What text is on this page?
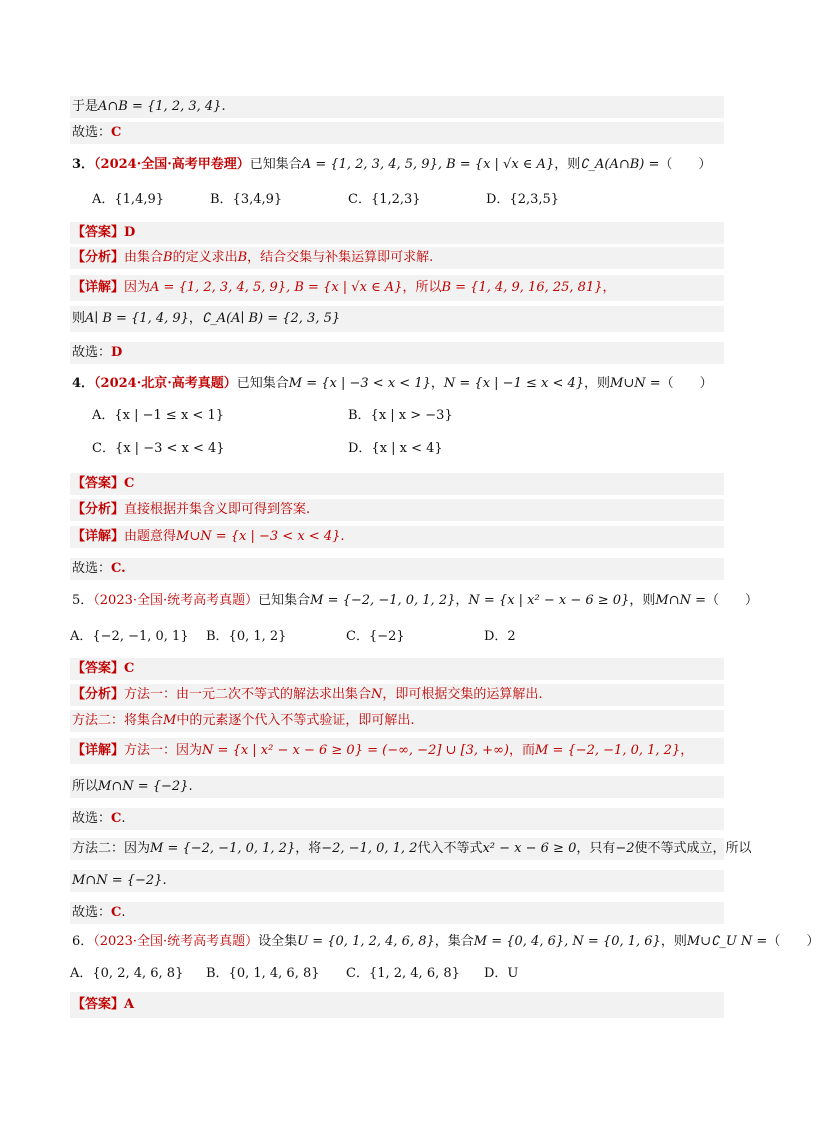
于是A∩B = {1, 2, 3, 4}.
故选：C
3．（2024·全国·高考甲卷理）已知集合A = {1, 2, 3, 4, 5, 9}, B = {x | √x ∈ A}，则∁_A(A∩B) =（　　）
A．{1,4,9}	B．{3,4,9}	C．{1,2,3}	D．{2,3,5}
【答案】D
【分析】由集合B的定义求出B，结合交集与补集运算即可求解.
【详解】因为A = {1, 2, 3, 4, 5, 9}, B = {x | √x ∈ A}，所以B = {1, 4, 9, 16, 25, 81}，
则A∣ B = {1, 4, 9}，∁_A(A∣ B) = {2, 3, 5}
故选：D
4．（2024·北京·高考真题）已知集合M = {x | −3 < x < 1}，N = {x | −1 ≤ x < 4}，则M∪N =（　　）
A．{x | −1 ≤ x < 1}	B．{x | x > −3}
C．{x | −3 < x < 4}	D．{x | x < 4}
【答案】C
【分析】直接根据并集含义即可得到答案.
【详解】由题意得M∪N = {x | −3 < x < 4}.
故选：C.
5．（2023·全国·统考高考真题）已知集合M = {−2, −1, 0, 1, 2}，N = {x | x² − x − 6 ≥ 0}，则M∩N =（　　）
A．{−2, −1, 0, 1} B．{0, 1, 2}	C．{−2}	D．2
【答案】C
【分析】方法一：由一元二次不等式的解法求出集合N，即可根据交集的运算解出.
方法二：将集合M中的元素逐个代入不等式验证，即可解出.
【详解】方法一：因为N = {x | x² − x − 6 ≥ 0} = (−∞, −2] ∪ [3, +∞)，而M = {−2, −1, 0, 1, 2}，
所以M∩N = {−2}.
故选：C.
方法二：因为M = {−2, −1, 0, 1, 2}，将−2, −1, 0, 1, 2代入不等式x² − x − 6 ≥ 0，只有−2使不等式成立，所以
M∩N = {−2}.
故选：C.
6．（2023·全国·统考高考真题）设全集U = {0, 1, 2, 4, 6, 8}，集合M = {0, 4, 6}, N = {0, 1, 6}，则M∪∁_U N =（　　）
A．{0, 2, 4, 6, 8} B．{0, 1, 4, 6, 8} C．{1, 2, 4, 6, 8} D．U
【答案】A
